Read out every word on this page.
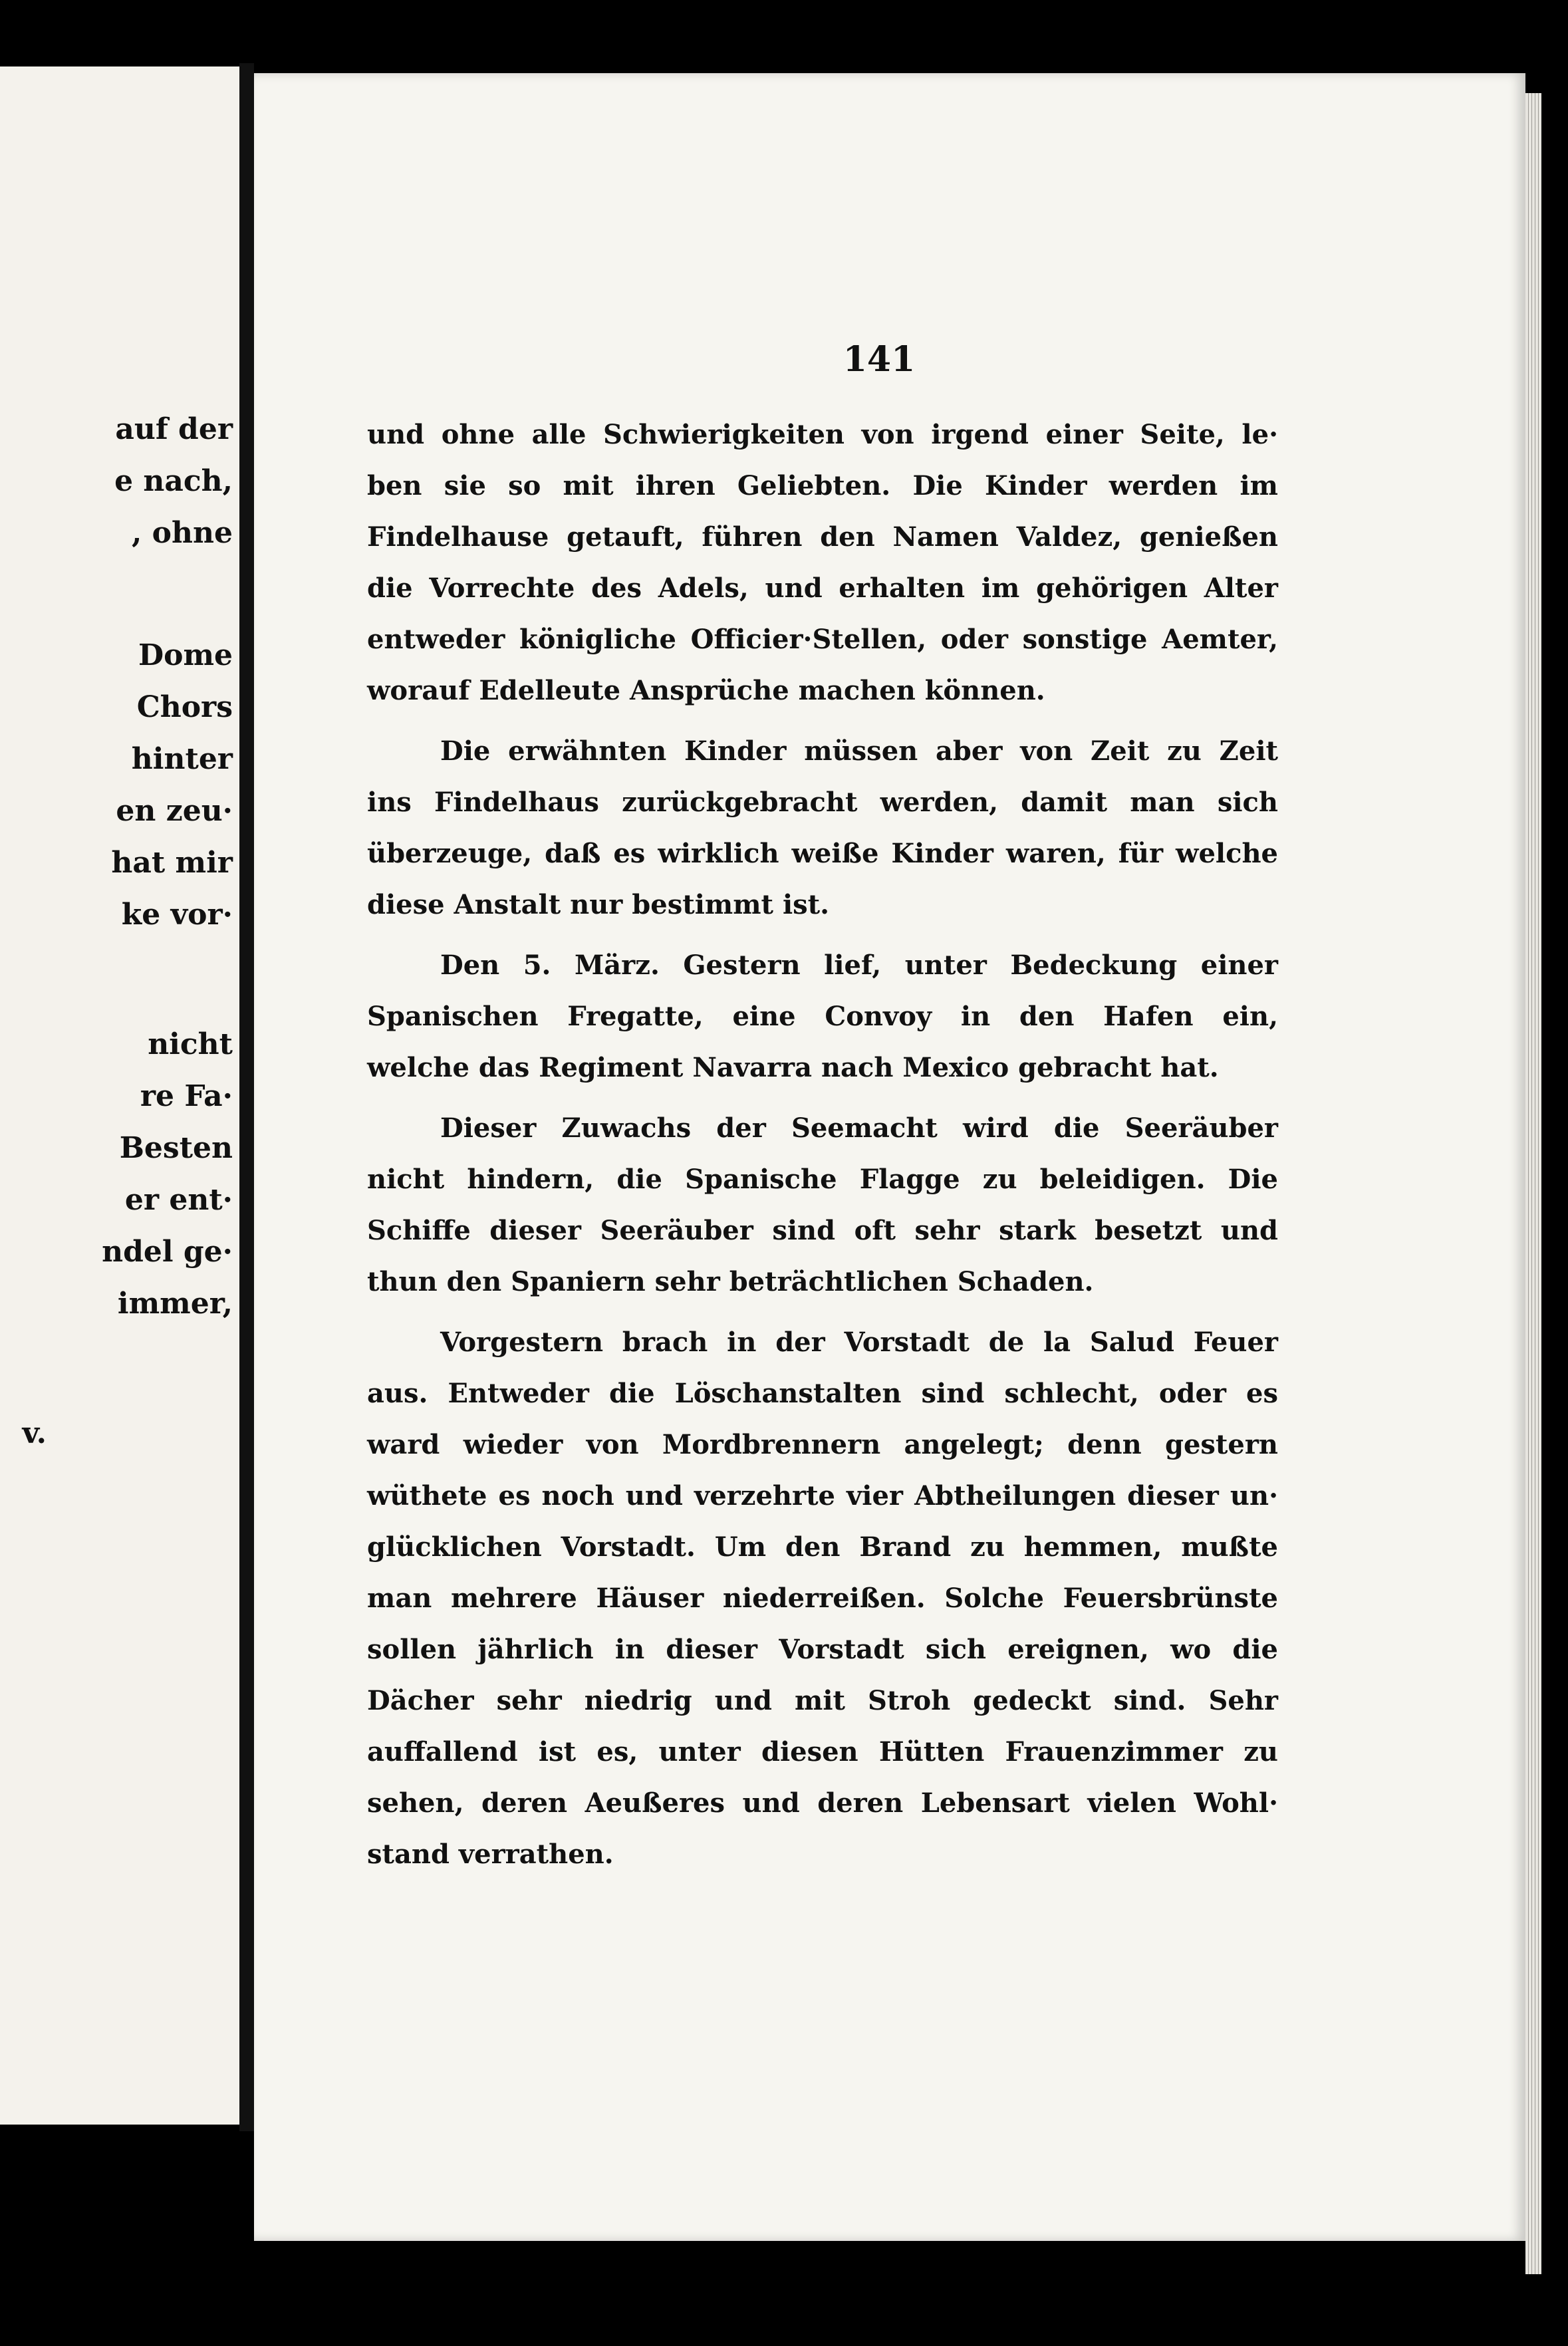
auf der
e nach,
, ohne
Dome
Chors
hinter
en zeu·
hat mir
ke vor·
nicht
re Fa·
Besten
er ent·
ndel ge·
immer,
v.
141
und ohne alle Schwierigkeiten von irgend einer Seite, le·
ben sie so mit ihren Geliebten. Die Kinder werden im
Findelhause getauft, führen den Namen Valdez, genießen
die Vorrechte des Adels, und erhalten im gehörigen Alter
entweder königliche Officier·Stellen, oder sonstige Aemter,
worauf Edelleute Ansprüche machen können.
Die erwähnten Kinder müssen aber von Zeit zu Zeit
ins Findelhaus zurückgebracht werden, damit man sich
überzeuge, daß es wirklich weiße Kinder waren, für welche
diese Anstalt nur bestimmt ist.
Den 5. März. Gestern lief, unter Bedeckung einer
Spanischen Fregatte, eine Convoy in den Hafen ein,
welche das Regiment Navarra nach Mexico gebracht hat.
Dieser Zuwachs der Seemacht wird die Seeräuber
nicht hindern, die Spanische Flagge zu beleidigen. Die
Schiffe dieser Seeräuber sind oft sehr stark besetzt und
thun den Spaniern sehr beträchtlichen Schaden.
Vorgestern brach in der Vorstadt de la Salud Feuer
aus. Entweder die Löschanstalten sind schlecht, oder es
ward wieder von Mordbrennern angelegt; denn gestern
wüthete es noch und verzehrte vier Abtheilungen dieser un·
glücklichen Vorstadt. Um den Brand zu hemmen, mußte
man mehrere Häuser niederreißen. Solche Feuersbrünste
sollen jährlich in dieser Vorstadt sich ereignen, wo die
Dächer sehr niedrig und mit Stroh gedeckt sind. Sehr
auffallend ist es, unter diesen Hütten Frauenzimmer zu
sehen, deren Aeußeres und deren Lebensart vielen Wohl·
stand verrathen.
